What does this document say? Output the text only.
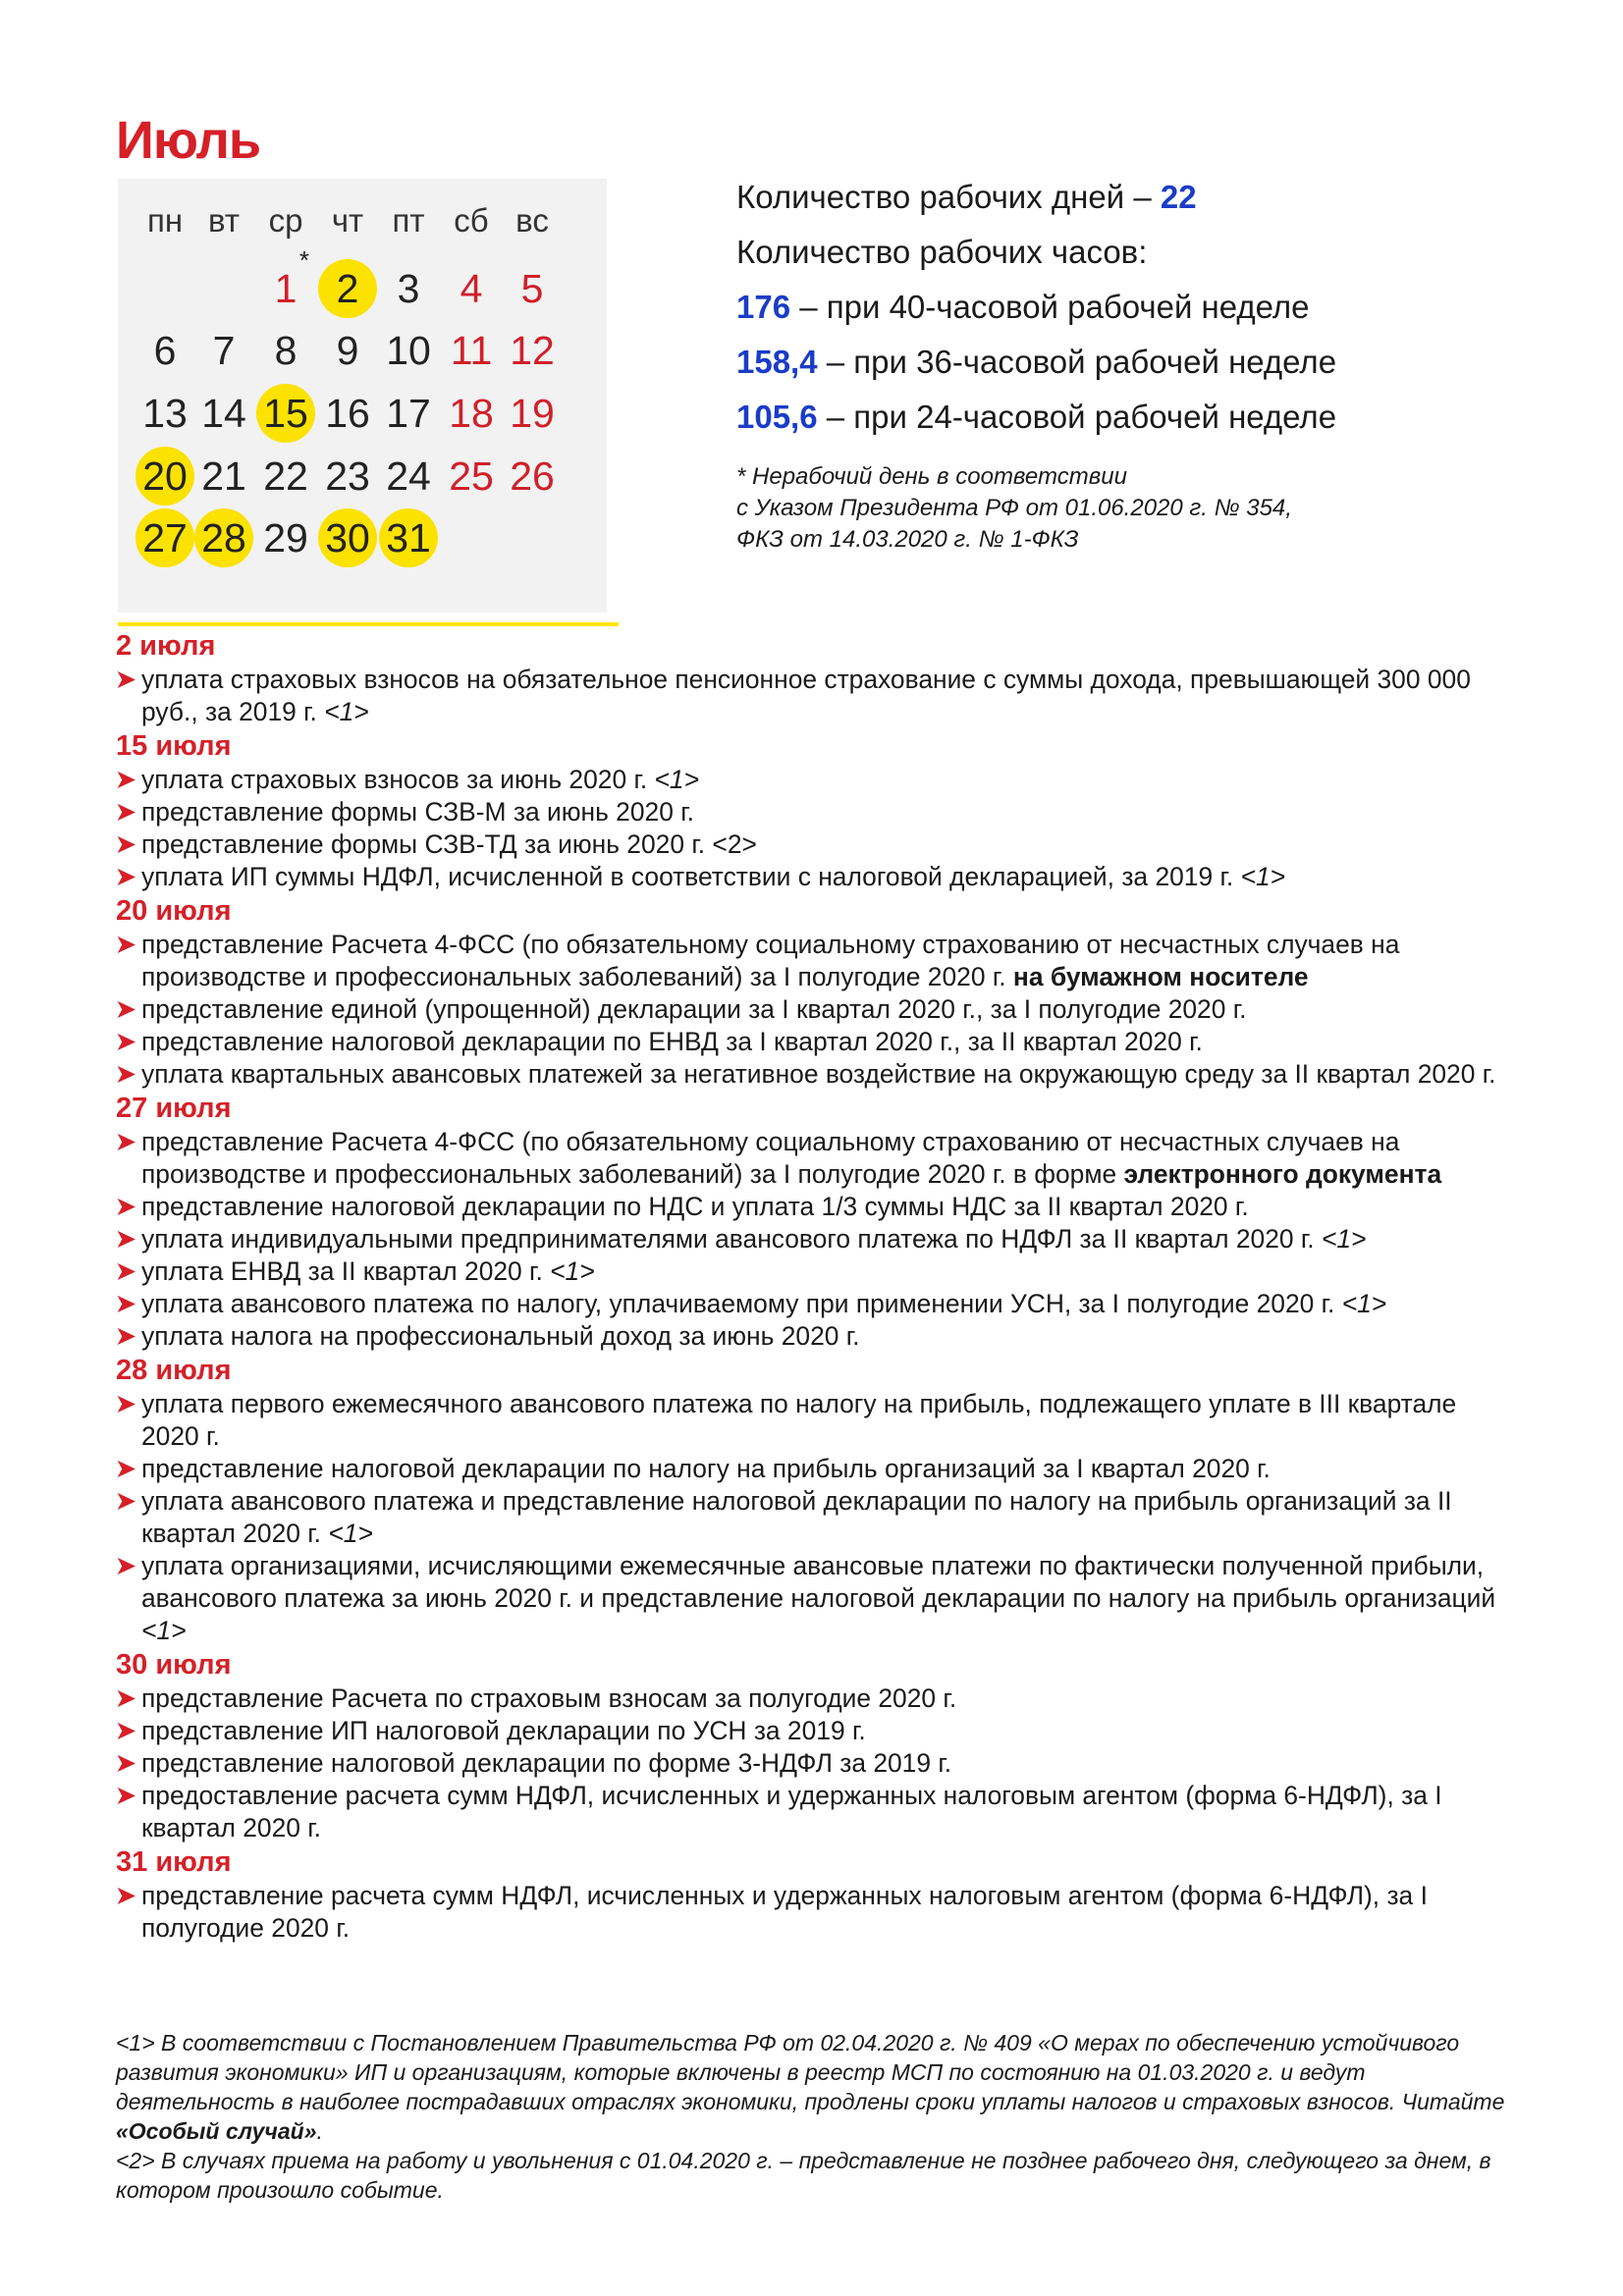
Июль
пн вт ср чт пт сб вс
1
*
2 3	4 5
6 7 8 9 10 11 12
13 14 15 16 17 18 19
20 21 22 23 24 25 26
27 28 29 30 31
Количество рабочих дней – 22
Количество рабочих часов:
176 – при 40-часовой рабочей неделе
158,4 – при 36-часовой рабочей неделе
105,6 – при 24-часовой рабочей неделе
* Нерабочий день в соответствии
с Указом Президента РФ от 01.06.2020 г. № 354,
ФКЗ от 14.03.2020 г. № 1-ФКЗ
2 июля
➤ уплата страховых взносов на обязательное пенсионное страхование с суммы дохода, превышающей 300 000 руб., за 2019 г. <1>
15 июля
➤ уплата страховых взносов за июнь 2020 г. <1>
➤ представление формы СЗВ-М за июнь 2020 г.
➤ представление формы СЗВ-ТД за июнь 2020 г. <2>
➤ уплата ИП суммы НДФЛ, исчисленной в соответствии с налоговой декларацией, за 2019 г. <1>
20 июля
➤ представление Расчета 4-ФСС (по обязательному социальному страхованию от несчастных случаев на производстве и профессиональных заболеваний) за I полугодие 2020 г. на бумажном носителе
➤ представление единой (упрощенной) декларации за I квартал 2020 г., за I полугодие 2020 г.
➤ представление налоговой декларации по ЕНВД за I квартал 2020 г., за II квартал 2020 г.
➤ уплата квартальных авансовых платежей за негативное воздействие на окружающую среду за II квартал 2020 г.
27 июля
➤ представление Расчета 4-ФСС (по обязательному социальному страхованию от несчастных случаев на производстве и профессиональных заболеваний) за I полугодие 2020 г. в форме электронного документа
➤ представление налоговой декларации по НДС и уплата 1/3 суммы НДС за II квартал 2020 г.
➤ уплата индивидуальными предпринимателями авансового платежа по НДФЛ за II квартал 2020 г. <1>
➤ уплата ЕНВД за II квартал 2020 г. <1>
➤ уплата авансового платежа по налогу, уплачиваемому при применении УСН, за I полугодие 2020 г. <1>
➤ уплата налога на профессиональный доход за июнь 2020 г.
28 июля
➤ уплата первого ежемесячного авансового платежа по налогу на прибыль, подлежащего уплате в III квартале 2020 г.
➤ представление налоговой декларации по налогу на прибыль организаций за I квартал 2020 г.
➤ уплата авансового платежа и представление налоговой декларации по налогу на прибыль организаций за II квартал 2020 г. <1>
➤ уплата организациями, исчисляющими ежемесячные авансовые платежи по фактически полученной прибыли, авансового платежа за июнь 2020 г. и представление налоговой декларации по налогу на прибыль организаций <1>
30 июля
➤ представление Расчета по страховым взносам за полугодие 2020 г.
➤ представление ИП налоговой декларации по УСН за 2019 г.
➤ представление налоговой декларации по форме 3-НДФЛ за 2019 г.
➤ предоставление расчета сумм НДФЛ, исчисленных и удержанных налоговым агентом (форма 6-НДФЛ), за I квартал 2020 г.
31 июля
➤ представление расчета сумм НДФЛ, исчисленных и удержанных налоговым агентом (форма 6-НДФЛ), за I полугодие 2020 г.
<1> В соответствии с Постановлением Правительства РФ от 02.04.2020 г. № 409 «О мерах по обеспечению устойчивого развития экономики» ИП и организациям, которые включены в реестр МСП по состоянию на 01.03.2020 г. и ведут деятельность в наиболее пострадавших отраслях экономики, продлены сроки уплаты налогов и страховых взносов. Читайте «Особый случай».
<2> В случаях приема на работу и увольнения с 01.04.2020 г. – представление не позднее рабочего дня, следующего за днем, в котором произошло событие.
